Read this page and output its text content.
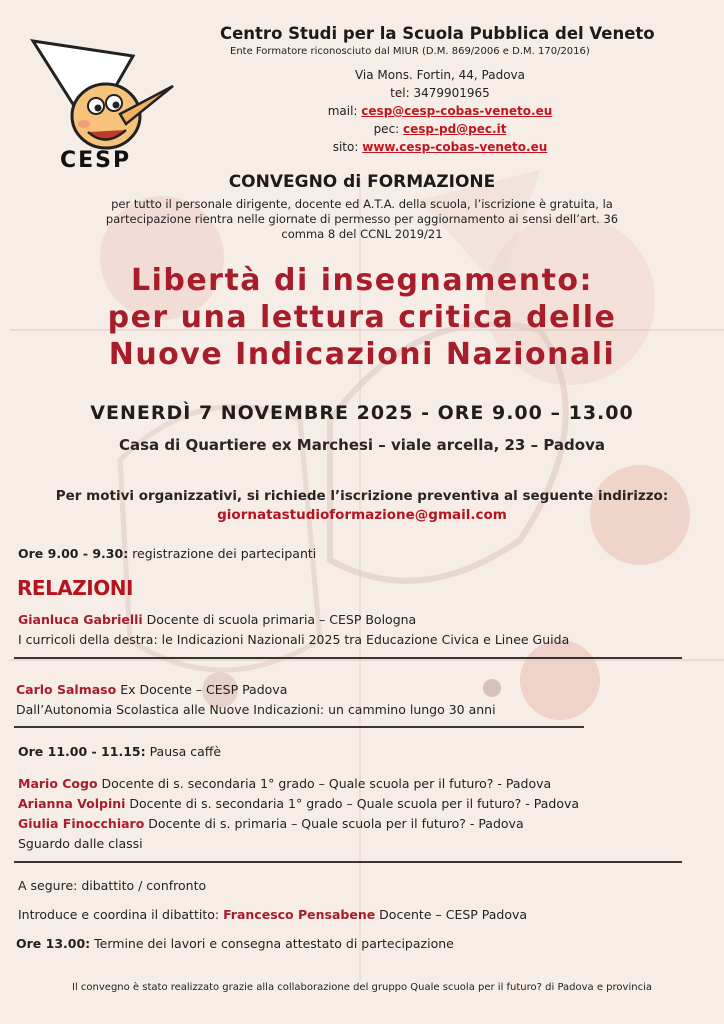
CESP
Centro Studi per la Scuola Pubblica del Veneto
Ente Formatore riconosciuto dal MIUR (D.M. 869/2006 e D.M. 170/2016)
Via Mons. Fortin, 44, Padova
tel: 3479901965
mail: cesp@cesp-cobas-veneto.eu
pec: cesp-pd@pec.it
sito: www.cesp-cobas-veneto.eu
CONVEGNO di FORMAZIONE
per tutto il personale dirigente, docente ed A.T.A. della scuola, l’iscrizione è gratuita, la
partecipazione rientra nelle giornate di permesso per aggiornamento ai sensi dell’art. 36
comma 8 del CCNL 2019/21
Libertà di insegnamento:
per una lettura critica delle
Nuove Indicazioni Nazionali
VENERDÌ 7 NOVEMBRE 2025 - ORE 9.00 – 13.00
Casa di Quartiere ex Marchesi – viale arcella, 23 – Padova
Per motivi organizzativi, si richiede l’iscrizione preventiva al seguente indirizzo:
giornatastudioformazione@gmail.com
Ore 9.00 - 9.30: registrazione dei partecipanti
RELAZIONI
Gianluca Gabrielli Docente di scuola primaria – CESP Bologna
I curricoli della destra: le Indicazioni Nazionali 2025 tra Educazione Civica e Linee Guida
Carlo Salmaso Ex Docente – CESP Padova
Dall’Autonomia Scolastica alle Nuove Indicazioni: un cammino lungo 30 anni
Ore 11.00 - 11.15: Pausa caffè
Mario Cogo Docente di s. secondaria 1° grado – Quale scuola per il futuro? - Padova
Arianna Volpini Docente di s. secondaria 1° grado – Quale scuola per il futuro? - Padova
Giulia Finocchiaro Docente di s. primaria – Quale scuola per il futuro? - Padova
Sguardo dalle classi
A segure: dibattito / confronto
Introduce e coordina il dibattito: Francesco Pensabene Docente – CESP Padova
Ore 13.00: Termine dei lavori e consegna attestato di partecipazione
Il convegno è stato realizzato grazie alla collaborazione del gruppo Quale scuola per il futuro? di Padova e provincia
